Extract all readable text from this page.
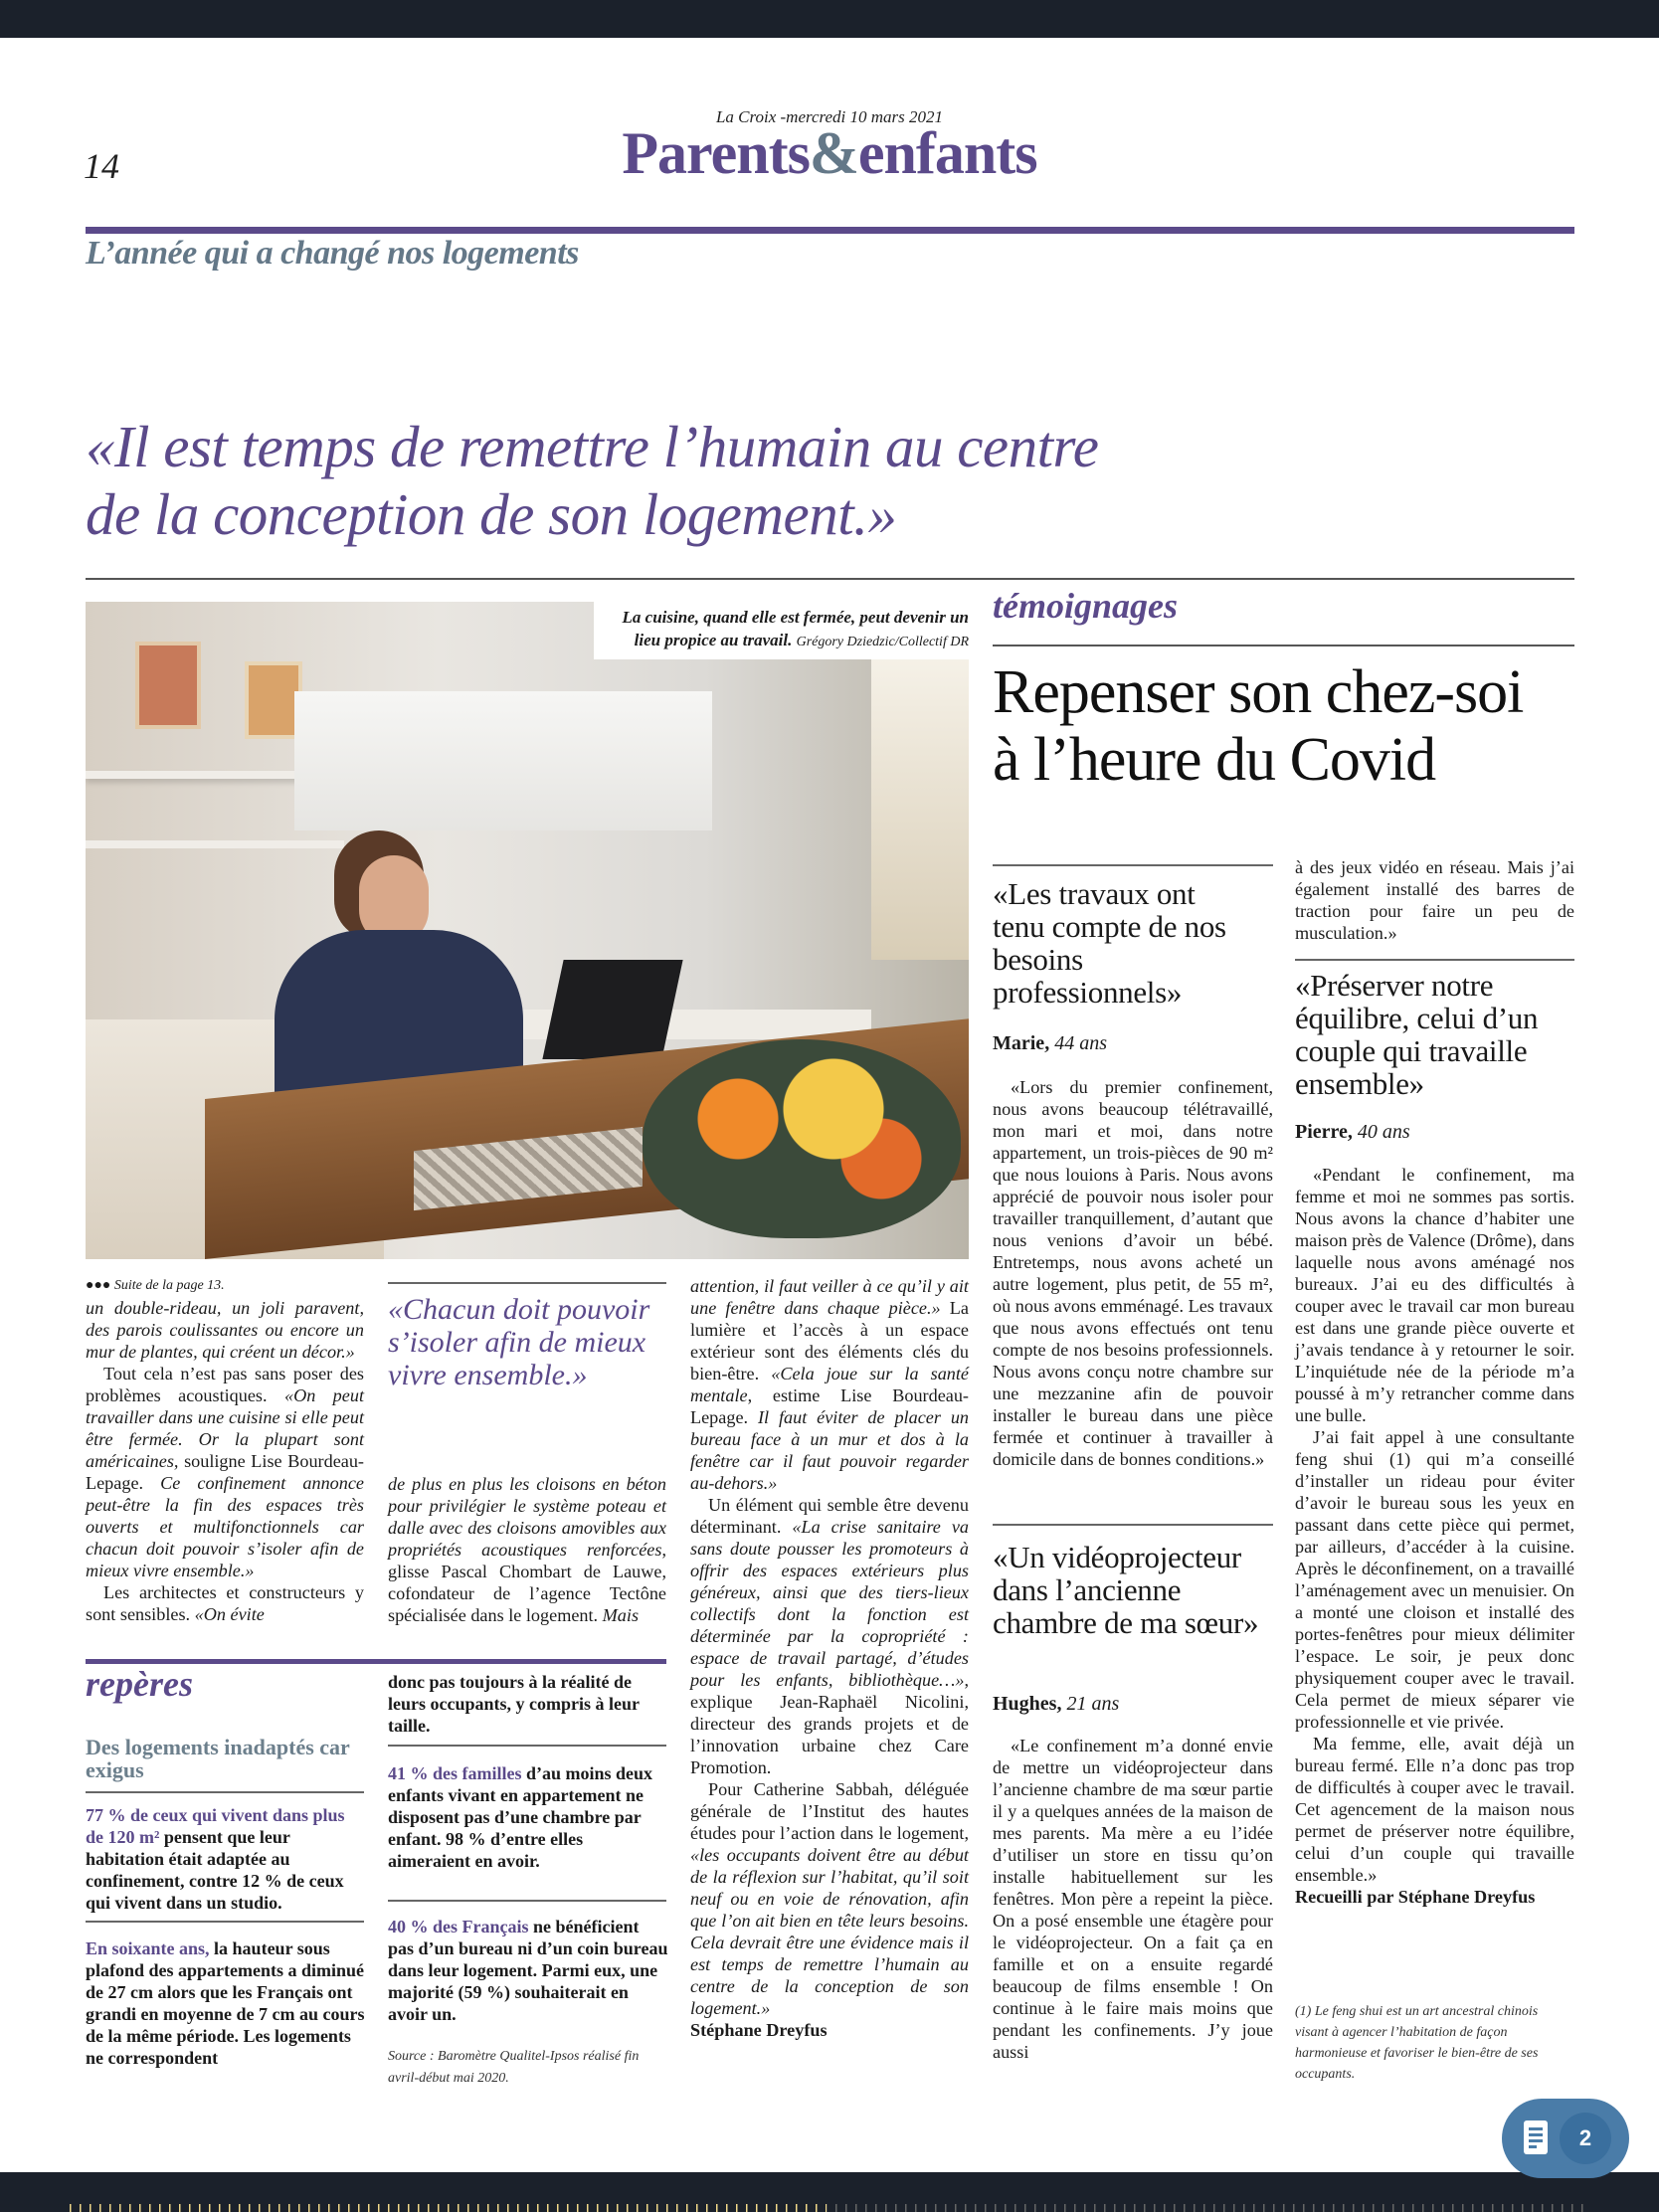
La Croix -mercredi 10 mars 2021
14	Parents&enfants
L’année qui a changé nos logements
«Il est temps de remettre l’humain au centre
de la conception de son logement.»
La cuisine, quand elle est fermée, peut devenir un lieu propice au travail. Grégory Dziedzic/Collectif DR
témoignages
Repenser son chez-soi
à l’heure du Covid
«Les travaux ont tenu compte de nos besoins professionnels»
Marie, 44 ans

«Lors du premier confinement, nous avons beaucoup télétravaillé, mon mari et moi, dans notre appartement, un trois-pièces de 90 m² que nous louions à Paris. Nous avons apprécié de pouvoir nous isoler pour travailler tranquillement, d’autant que nous venions d’avoir un bébé. Entretemps, nous avons acheté un autre logement, plus petit, de 55 m², où nous avons emménagé. Les travaux que nous avons effectués ont tenu compte de nos besoins professionnels. Nous avons conçu notre chambre sur une mezzanine afin de pouvoir installer le bureau dans une pièce fermée et continuer à travailler à domicile dans de bonnes conditions.»

«Un vidéoprojecteur dans l’ancienne chambre de ma sœur»
Hughes, 21 ans

«Le confinement m’a donné envie de mettre un vidéoprojecteur dans l’ancienne chambre de ma sœur partie il y a quelques années de la maison de mes parents. Ma mère a eu l’idée d’utiliser un store en tissu qu’on installe habituellement sur les fenêtres. Mon père a repeint la pièce. On a posé ensemble une étagère pour le vidéoprojecteur. On a fait ça en famille et on a ensuite regardé beaucoup de films ensemble ! On continue à le faire mais moins que pendant les confinements. J’y joue aussi

à des jeux vidéo en réseau. Mais j’ai également installé des barres de traction pour faire un peu de musculation.»

«Préserver notre équilibre, celui d’un couple qui travaille ensemble»
Pierre, 40 ans

«Pendant le confinement, ma femme et moi ne sommes pas sortis. Nous avons la chance d’habiter une maison près de Valence (Drôme), dans laquelle nous avons aménagé nos bureaux. J’ai eu des difficultés à couper avec le travail car mon bureau est dans une grande pièce ouverte et j’avais tendance à y retourner le soir. L’inquiétude née de la période m’a poussé à m’y retrancher comme dans une bulle.

J’ai fait appel à une consultante feng shui (1) qui m’a conseillé d’installer un rideau pour éviter d’avoir le bureau sous les yeux en passant dans cette pièce qui permet, par ailleurs, d’accéder à la cuisine. Après le déconfinement, on a travaillé l’aménagement avec un menuisier. On a monté une cloison et installé des portes-fenêtres pour mieux délimiter l’espace. Le soir, je peux donc physiquement couper avec le travail. Cela permet de mieux séparer vie professionnelle et vie privée.

Ma femme, elle, avait déjà un bureau fermé. Elle n’a donc pas trop de difficultés à couper avec le travail. Cet agencement de la maison nous permet de préserver notre équilibre, celui d’un couple qui travaille ensemble.»

Recueilli par Stéphane Dreyfus

(1) Le feng shui est un art ancestral chinois visant à agencer l’habitation de façon harmonieuse et favoriser le bien-être de ses occupants.

●●● Suite de la page 13.

un double-rideau, un joli paravent, des parois coulissantes ou encore un mur de plantes, qui créent un décor.»

Tout cela n’est pas sans poser des problèmes acoustiques. «On peut travailler dans une cuisine si elle peut être fermée. Or la plupart sont américaines, souligne Lise Bourdeau-Lepage. Ce confinement annonce peut-être la fin des espaces très ouverts et multifonctionnels car chacun doit pouvoir s’isoler afin de mieux vivre ensemble.»

Les architectes et constructeurs y sont sensibles. «On évite

«Chacun doit pouvoir s’isoler afin de mieux vivre ensemble.»

de plus en plus les cloisons en béton pour privilégier le système poteau et dalle avec des cloisons amovibles aux propriétés acoustiques renforcées, glisse Pascal Chombart de Lauwe, cofondateur de l’agence Tectône spécialisée dans le logement. Mais

attention, il faut veiller à ce qu’il y ait une fenêtre dans chaque pièce.» La lumière et l’accès à un espace extérieur sont des éléments clés du bien-être. «Cela joue sur la santé mentale, estime Lise Bourdeau-Lepage. Il faut éviter de placer un bureau face à un mur et dos à la fenêtre car il faut pouvoir regarder au-dehors.»

Un élément qui semble être devenu déterminant. «La crise sanitaire va sans doute pousser les promoteurs à offrir des espaces extérieurs plus généreux, ainsi que des tiers-lieux collectifs dont la fonction est déterminée par la copropriété : espace de travail partagé, d’études pour les enfants, bibliothèque…», explique Jean-Raphaël Nicolini, directeur des grands projets et de l’innovation urbaine chez Care Promotion.

Pour Catherine Sabbah, déléguée générale de l’Institut des hautes études pour l’action dans le logement, «les occupants doivent être au début de la réflexion sur l’habitat, qu’il soit neuf ou en voie de rénovation, afin que l’on ait bien en tête leurs besoins. Cela devrait être une évidence mais il est temps de remettre l’humain au centre de la conception de son logement.»

Stéphane Dreyfus

repères
Des logements inadaptés car exigus
77 % de ceux qui vivent dans plus de 120 m² pensent que leur habitation était adaptée au confinement, contre 12 % de ceux qui vivent dans un studio.
En soixante ans, la hauteur sous plafond des appartements a diminué de 27 cm alors que les Français ont grandi en moyenne de 7 cm au cours de la même période. Les logements ne correspondent
donc pas toujours à la réalité de leurs occupants, y compris à leur taille.
41 % des familles d’au moins deux enfants vivant en appartement ne disposent pas d’une chambre par enfant. 98 % d’entre elles aimeraient en avoir.
40 % des Français ne bénéficient pas d’un bureau ni d’un coin bureau dans leur logement. Parmi eux, une majorité (59 %) souhaiterait en avoir un.
Source : Baromètre Qualitel-Ipsos réalisé fin avril-début mai 2020.
2
